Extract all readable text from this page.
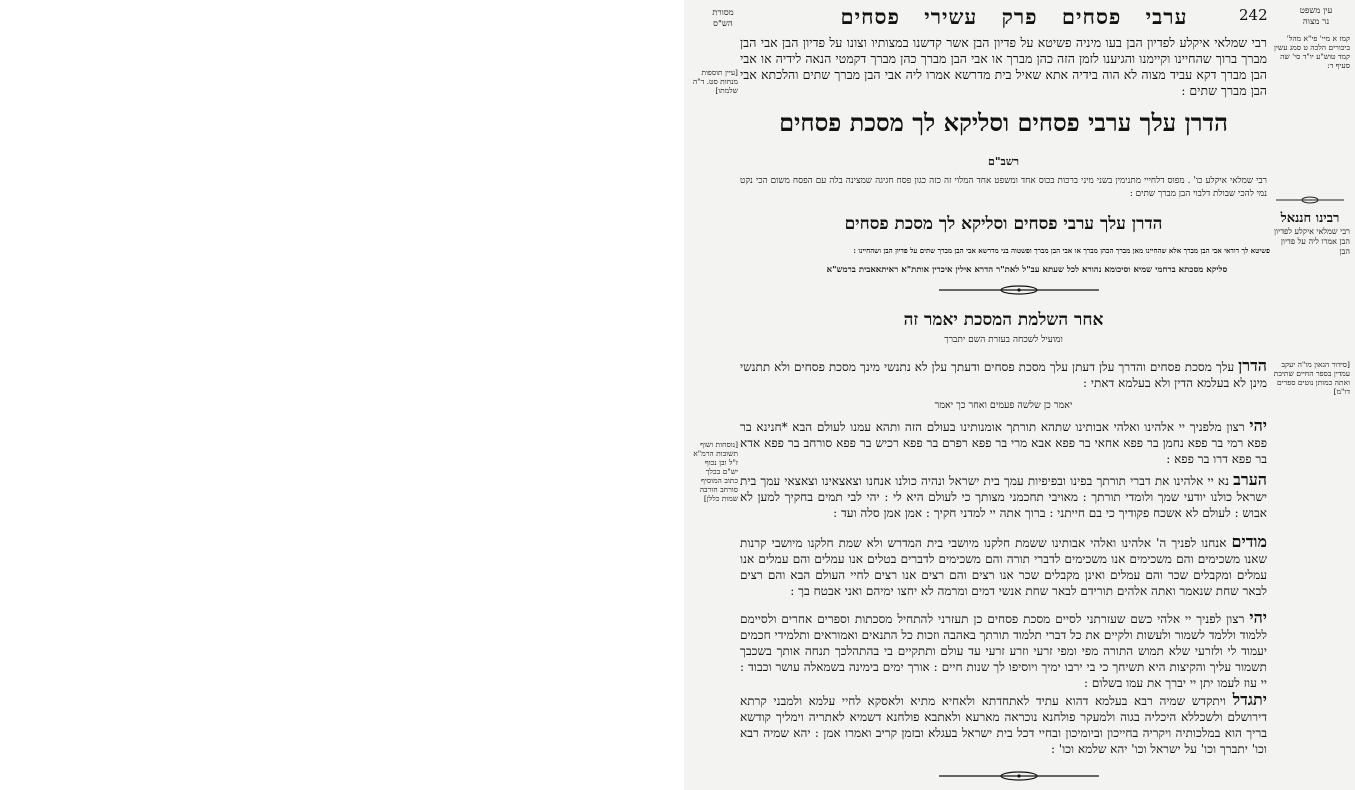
עין משפט
נר מצוה
242
ערבי פסחים פרק עשירי פסחים
מסורת
הש"ס
קמז א מיי' פי"א מהל' ביכורים הלכה ט סמג עשין קמד טוש"ע יו"ד סי' שה סעיף ד:
[עיין תוספות מנחות סט. ד"ה שלמתו]
רבי שמלאי איקלע לפדיון הבן בעו מיניה פשיטא על פדיון הבן אשר קדשנו במצותיו וצונו על פדיון הבן אבי הבן מברך ברוך שהחיינו וקיימנו והגיענו לזמן הזה כהן מברך או אבי הבן מברך כהן מברך דקמטי הנאה לידיה או אבי הבן מברך דקא עביד מצוה לא הוה בידיה אתא שאיל בית מדרשא אמרו ליה אבי הבן מברך שתים והלכתא אבי הבן מברך שתים :
הדרן עלך ערבי פסחים וסליקא לך מסכת פסחים
רשב"ם
רבי שמלאי איקלע כו' . מפוס דלחייי מתנימין בשני מיני ברכות בכוס אחד ומשפט אחד המלוי זה כזה כגון פסח חגיגה שמצינה בלה עם הפסח משום הכי נקט נמי להכי שבולת דלבוי הבן מברך שתים :
הדרן עלך ערבי פסחים וסליקא לך מסכת פסחים	רבינו חננאל
רבי שמלאי איקלע לפדיון הבן אמרו ליה על פדיון הבן
פשיטא לך דודאי אבי הבן מברך אלא שהחיינו מאן מברך הכהן מברך או אבי הבן מברך ופשטוה בני מדרשא אבי הבן מברך שתים על פדיון הבן ושהחיינו :
סליקא מסכתא ברחמי שמיא וסיכומא נהורא לכל שעתא עב"ל לאת"ר הדרא אילין איכרין אותת"א ראיתאאבית ברמש"א
אחר השלמת המסכת יאמר זה
ומועיל לשכחה בעזרת השם יתברך
הדרן עלך מסכת פסחים והדרך עלן דעתן עלך מסכת פסחים ודעתך עלן לא נתנשי מינך מסכת פסחים ולא תתנשי מינן לא בעלמא הדין ולא בעלמא דאתי :
[סידור הגאון מו"ה יעקב עמדין בספר החיים שתיבת ואתה כמותן נוטים ספרים דו"מ]
יאמר כן שלשה פעמים ואחר כך יאמר
יהי רצון מלפניך יי אלהינו ואלהי אבותינו שתהא תורתך אומנותינו בעולם הזה ותהא עמנו לעולם הבא *חנינא בר פפא רמי בר פפא נחמן בר פפא אחאי בר פפא אבא מרי בר פפא רפרם בר פפא רכיש בר פפא סורחב בר פפא אדא בר פפא דרו בר פפא :
[נוסחות ושוף תשובות הרמ"א ז"ל ובן נכוף יש"ם בכלך כתוב המוסיף סורחב חורבה שמות כללן]
הערב נא יי אלהינו את דברי תורתך בפינו ובפיפיות עמך בית ישראל ונהיה כולנו אנחנו וצאצאינו וצאצאי עמך בית ישראל כולנו יודעי שמך ולומדי תורתך : מאויבי תחכמני מצותך כי לעולם היא לי : יהי לבי תמים בחקיך למען לא אבוש : לעולם לא אשכח פקודיך כי בם חייתני : ברוך אתה יי למדני חקיך : אמן אמן סלה ועד :
מודים אנחנו לפניך ה' אלהינו ואלהי אבותינו ששמת חלקנו מיושבי בית המדרש ולא שמת חלקנו מיושבי קרנות שאנו משכימים והם משכימים אנו משכימים לדברי תורה והם משכימים לדברים בטלים אנו עמלים והם עמלים אנו עמלים ומקבלים שכר והם עמלים ואינן מקבלים שכר אנו רצים והם רצים אנו רצים לחיי העולם הבא והם רצים לבאר שחת שנאמר ואתה אלהים תורידם לבאר שחת אנשי דמים ומרמה לא יחצו ימיהם ואני אבטח בך :
יהי רצון לפניך יי אלהי כשם שעזרתני לסיים מסכת פסחים כן תעזרני להתחיל מסכתות וספרים אחרים ולסיימם ללמוד וללמד לשמור ולעשות ולקיים את כל דברי תלמוד תורתך באהבה וזכות כל התנאים ואמוראים ותלמידי חכמים יעמוד לי ולזרעי שלא תמוש התורה מפי ומפי זרעי וזרע זרעי עד עולם ותתקיים בי בהתהלכך תנחה אותך בשכבך תשמור עליך והקיצות היא תשיחך כי בי ירבו ימיך ויוסיפו לך שנות חיים : אורך ימים בימינה בשמאלה עושר וכבוד : יי עוז לעמו יתן יי יברך את עמו בשלום :
יתגדל ויתקדש שמיה רבא בעלמא דהוא עתיד לאתחדתא ולאחיא מתיא ולאסקא לחיי עלמא ולמבני קרתא דירושלם ולשכללא היכליה בגוה ולמעקר פולחנא נוכראה מארעא ולאתבא פולחנא דשמיא לאתריה וימליך קודשא בריך הוא במלכותיה ויקריה בחייכון וביומיכון ובחיי דכל בית ישראל בעגלא ובזמן קריב ואמרו אמן : יהא שמיה רבא וכו' יתברך וכו' על ישראל וכו' יהא שלמא וכו' :
